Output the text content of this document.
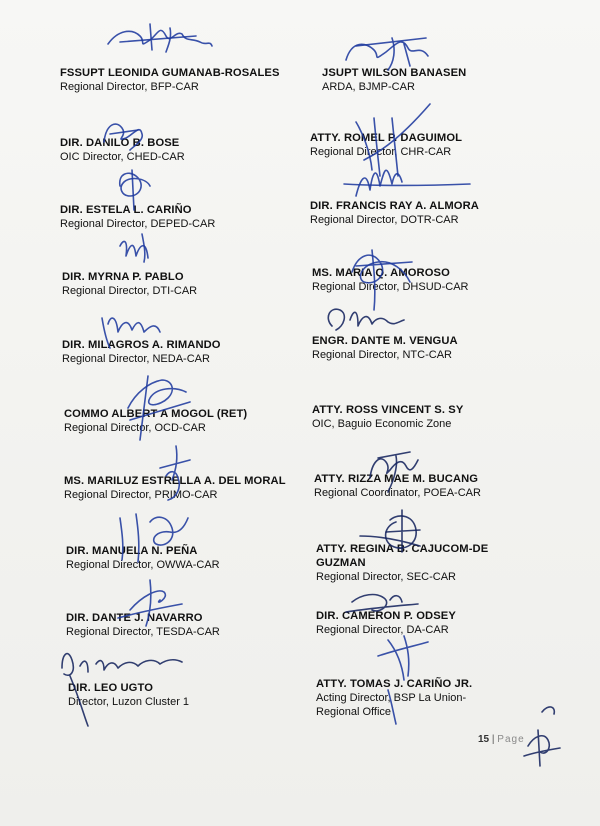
FSSUPT LEONIDA GUMANAB-ROSALES
Regional Director, BFP-CAR
JSUPT WILSON BANASEN
ARDA, BJMP-CAR
DIR. DANILO B. BOSE
OIC Director, CHED-CAR
ATTY. ROMEL P. DAGUIMOL
Regional Director, CHR-CAR
DIR. ESTELA L. CARIÑO
Regional Director, DEPED-CAR
DIR. FRANCIS RAY A. ALMORA
Regional Director, DOTR-CAR
DIR. MYRNA P. PABLO
Regional Director, DTI-CAR
MS. MARIA Q. AMOROSO
Regional Director, DHSUD-CAR
DIR. MILAGROS A. RIMANDO
Regional Director, NEDA-CAR
ENGR. DANTE M. VENGUA
Regional Director, NTC-CAR
COMMO ALBERT A MOGOL (RET)
Regional Director, OCD-CAR
ATTY. ROSS VINCENT S. SY
OIC, Baguio Economic Zone
MS. MARILUZ ESTRELLA A. DEL MORAL
Regional Director, PRIMO-CAR
ATTY. RIZZA MAE M. BUCANG
Regional Coordinator, POEA-CAR
DIR. MANUELA N. PEÑA
Regional Director, OWWA-CAR
ATTY. REGINA B. CAJUCOM-DE GUZMAN
Regional Director, SEC-CAR
DIR. DANTE J. NAVARRO
Regional Director, TESDA-CAR
DIR. CAMERON P. ODSEY
Regional Director, DA-CAR
DIR. LEO UGTO
Director, Luzon Cluster 1
ATTY. TOMAS J. CARIÑO JR.
Acting Director, BSP La Union-Regional Office
15 | Page
